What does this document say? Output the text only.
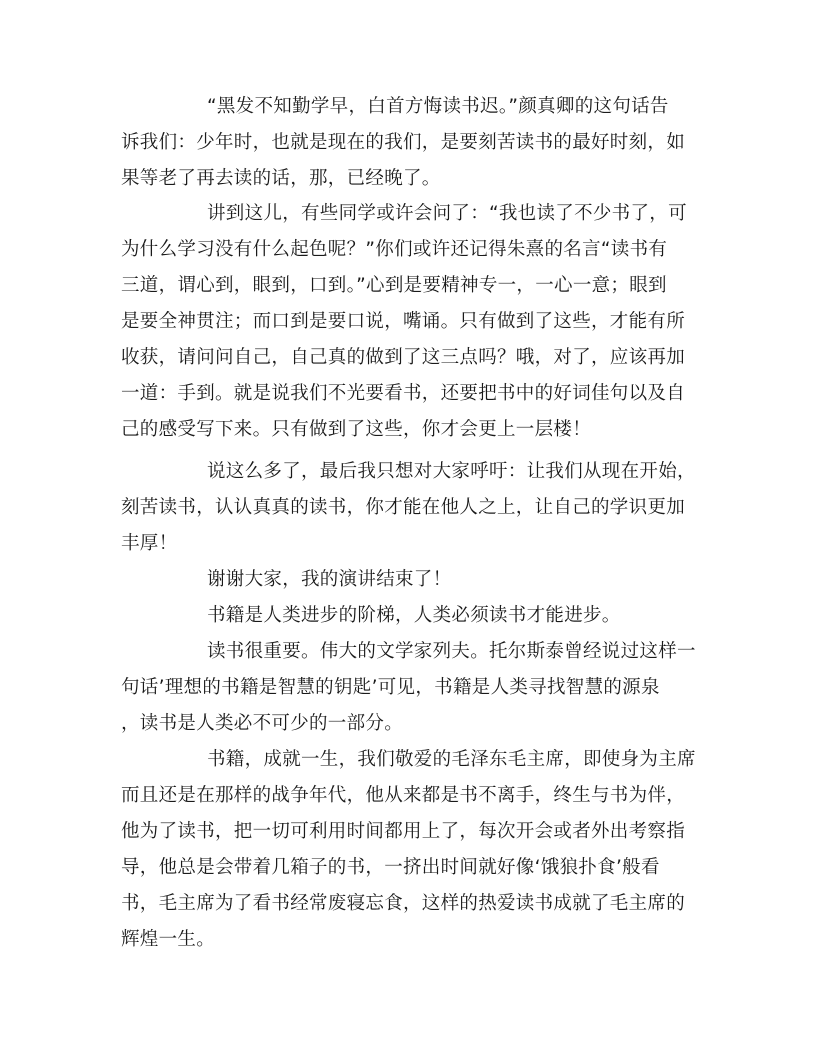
“黑发不知勤学早，白首方悔读书迟。”颜真卿的这句话告
诉我们：少年时，也就是现在的我们，是要刻苦读书的最好时刻，如
果等老了再去读的话，那，已经晚了。
讲到这儿，有些同学或许会问了：“我也读了不少书了，可
为什么学习没有什么起色呢？”你们或许还记得朱熹的名言“读书有
三道，谓心到，眼到，口到。”心到是要精神专一，一心一意；眼到
是要全神贯注；而口到是要口说，嘴诵。只有做到了这些，才能有所
收获，请问问自己，自己真的做到了这三点吗？哦，对了，应该再加
一道：手到。就是说我们不光要看书，还要把书中的好词佳句以及自
己的感受写下来。只有做到了这些，你才会更上一层楼！
说这么多了，最后我只想对大家呼吁：让我们从现在开始，
刻苦读书，认认真真的读书，你才能在他人之上，让自己的学识更加
丰厚！
谢谢大家，我的演讲结束了！
书籍是人类进步的阶梯，人类必须读书才能进步。
读书很重要。伟大的文学家列夫。托尔斯泰曾经说过这样一
句话’理想的书籍是智慧的钥匙’可见，书籍是人类寻找智慧的源泉
，读书是人类必不可少的一部分。
书籍，成就一生，我们敬爱的毛泽东毛主席，即使身为主席
而且还是在那样的战争年代，他从来都是书不离手，终生与书为伴，
他为了读书，把一切可利用时间都用上了，每次开会或者外出考察指
导，他总是会带着几箱子的书，一挤出时间就好像‘饿狼扑食’般看
书，毛主席为了看书经常废寝忘食，这样的热爱读书成就了毛主席的
辉煌一生。
